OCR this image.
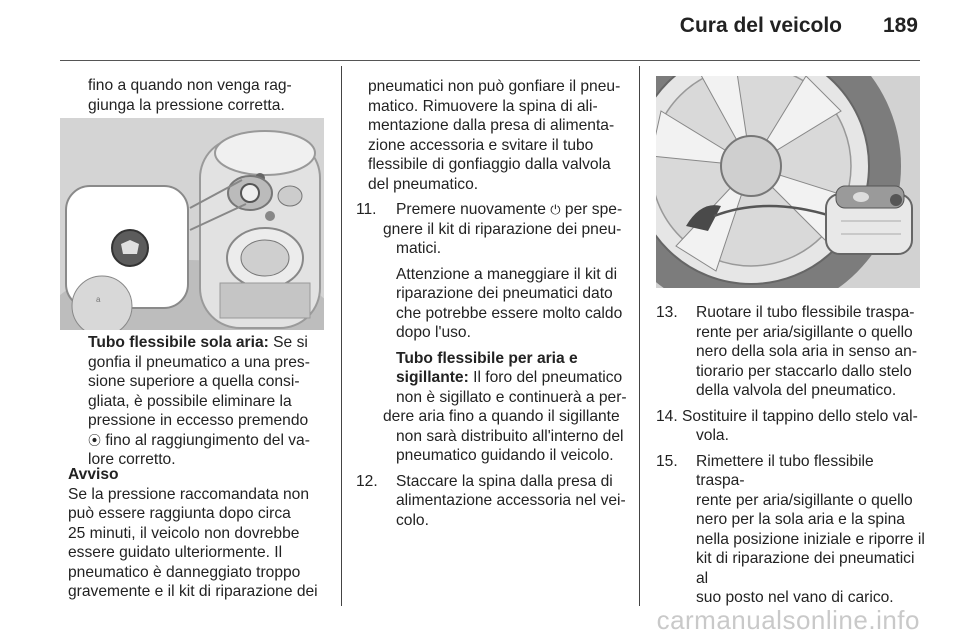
Cura del veicolo 189

fino a quando non venga rag-

giunga la pressione corretta.

a

Tubo flessibile sola aria: Se si

gonfia il pneumatico a una pres-

sione superiore a quella consi-

gliata, è possibile eliminare la

pressione in eccesso premendo

⦿ fino al raggiungimento del va-

lore corretto.

Avviso

Se la pressione raccomandata non

può essere raggiunta dopo circa

25 minuti, il veicolo non dovrebbe

essere guidato ulteriormente. Il

pneumatico è danneggiato troppo

gravemente e il kit di riparazione dei

pneumatici non può gonfiare il pneu-

matico. Rimuovere la spina di ali-

mentazione dalla presa di alimenta-

zione accessoria e svitare il tubo

flessibile di gonfiaggio dalla valvola

del pneumatico.

11. Premere nuovamente ⏻ per spe-

gnere il kit di riparazione dei pneu-

matici.

Attenzione a maneggiare il kit di

riparazione dei pneumatici dato

che potrebbe essere molto caldo

dopo l'uso.

Tubo flessibile per aria e

sigillante: Il foro del pneumatico

non è sigillato e continuerà a per-

dere aria fino a quando il sigillante

non sarà distribuito all'interno del

pneumatico guidando il veicolo.

12. Staccare la spina dalla presa di

alimentazione accessoria nel vei-

colo.

13. Ruotare il tubo flessibile traspa-

rente per aria/sigillante o quello

nero della sola aria in senso an-

tiorario per staccarlo dallo stelo

della valvola del pneumatico.

14. Sostituire il tappino dello stelo val-

vola.

15. Rimettere il tubo flessibile traspa-

rente per aria/sigillante o quello

nero per la sola aria e la spina

nella posizione iniziale e riporre il

kit di riparazione dei pneumatici al

suo posto nel vano di carico.

carmanualsonline.info
